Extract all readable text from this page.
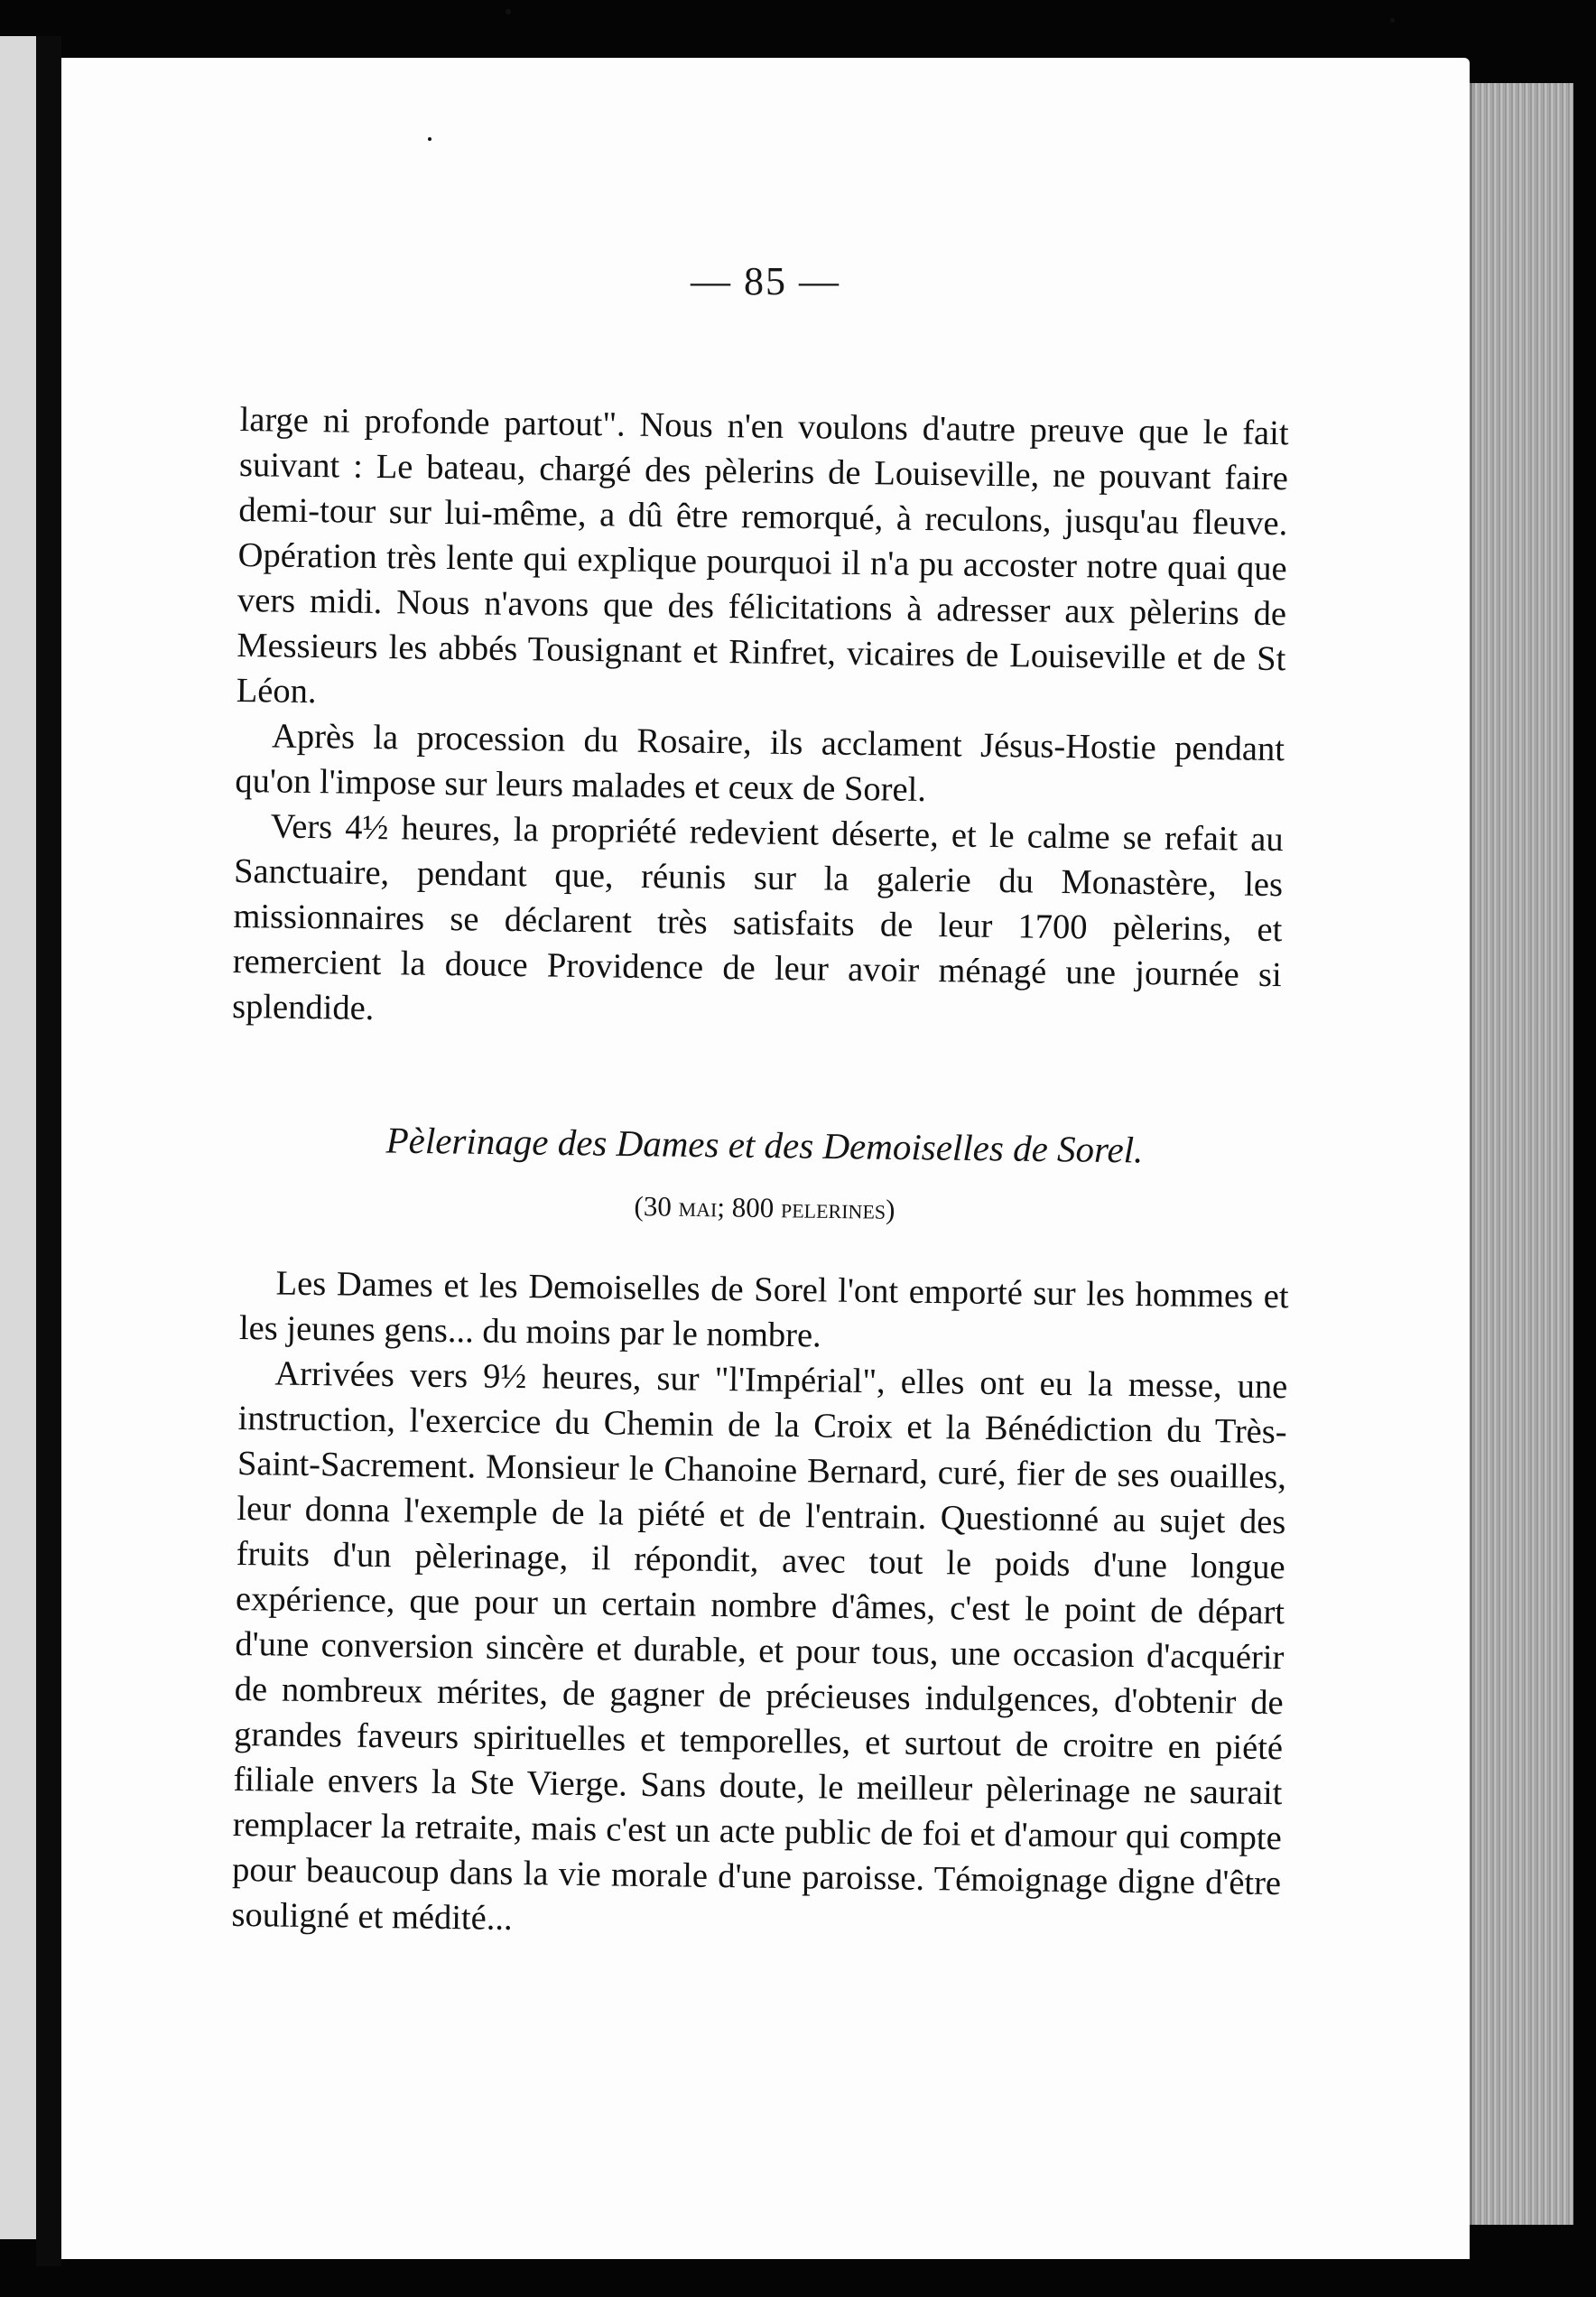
— 85 —

large ni profonde partout". Nous n'en voulons d'autre preuve que le fait suivant : Le bateau, chargé des pèlerins de Louiseville, ne pouvant faire demi-tour sur lui-même, a dû être remorqué, à reculons, jusqu'au fleuve. Opération très lente qui explique pourquoi il n'a pu accoster notre quai que vers midi. Nous n'avons que des félicitations à adresser aux pèlerins de Messieurs les abbés Tousignant et Rinfret, vicaires de Louiseville et de St Léon.

Après la procession du Rosaire, ils acclament Jésus-Hostie pendant qu'on l'impose sur leurs malades et ceux de Sorel.

Vers 4½ heures, la propriété redevient déserte, et le calme se refait au Sanctuaire, pendant que, réunis sur la galerie du Monastère, les missionnaires se déclarent très satisfaits de leur 1700 pèlerins, et remercient la douce Providence de leur avoir ménagé une journée si splendide.

Pèlerinage des Dames et des Demoiselles de Sorel.
(30 mai; 800 pelerines)

Les Dames et les Demoiselles de Sorel l'ont emporté sur les hommes et les jeunes gens... du moins par le nombre.

Arrivées vers 9½ heures, sur "l'Impérial", elles ont eu la messe, une instruction, l'exercice du Chemin de la Croix et la Bénédiction du Très-Saint-Sacrement. Monsieur le Chanoine Bernard, curé, fier de ses ouailles, leur donna l'exemple de la piété et de l'entrain. Questionné au sujet des fruits d'un pèlerinage, il répondit, avec tout le poids d'une longue expérience, que pour un certain nombre d'âmes, c'est le point de départ d'une conversion sincère et durable, et pour tous, une occasion d'acquérir de nombreux mérites, de gagner de précieuses indulgences, d'obtenir de grandes faveurs spirituelles et temporelles, et surtout de croitre en piété filiale envers la Ste Vierge. Sans doute, le meilleur pèlerinage ne saurait remplacer la retraite, mais c'est un acte public de foi et d'amour qui compte pour beaucoup dans la vie morale d'une paroisse. Témoignage digne d'être souligné et médité...
